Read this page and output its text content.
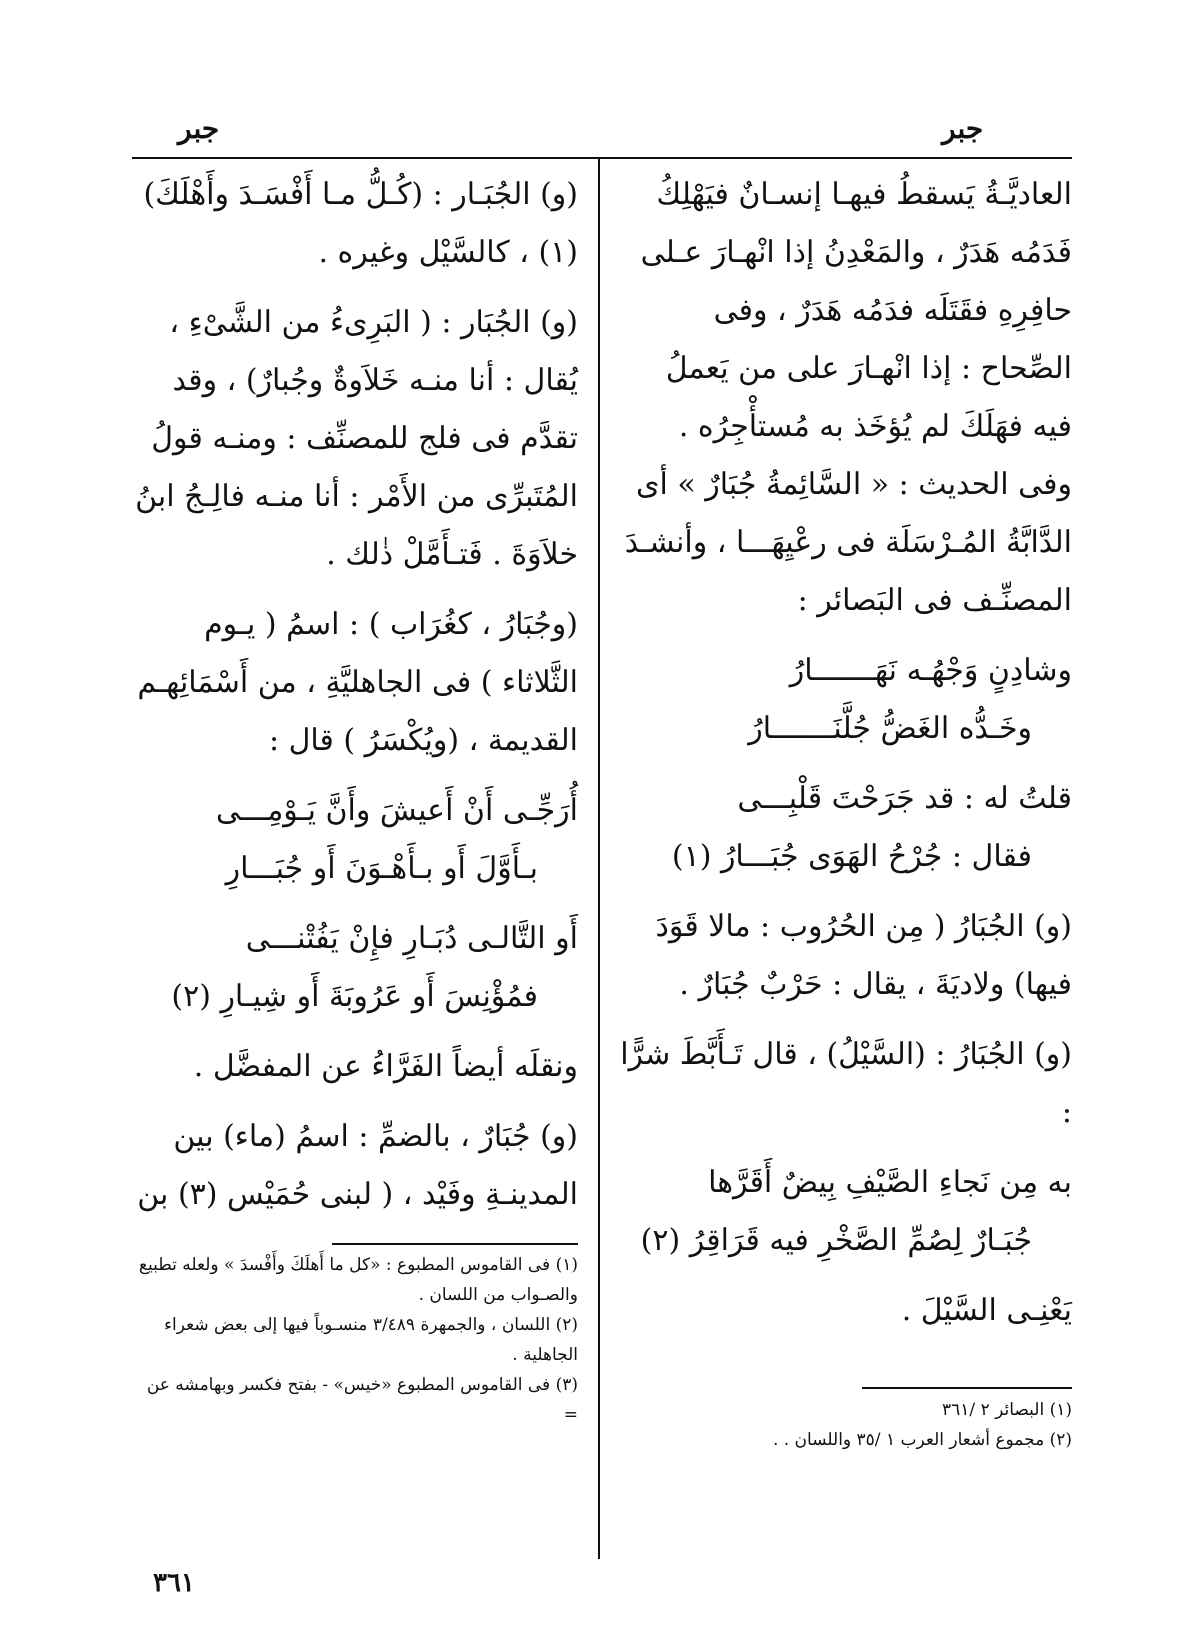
جبر
جبر

العاديَّـةُ يَسقطُ فيهـا إنسـانٌ فيَهْلِكُ فَدَمُه هَدَرٌ ، والمَعْدِنُ إذا انْهـارَ عـلى حافِرِهِ فقَتَلَه فدَمُه هَدَرٌ ، وفى الصِّحاح : إذا انْهـارَ على من يَعملُ فيه فهَلَكَ لم يُؤخَذ به مُستأْجِرُه . وفى الحديث : « السَّائِمةُ جُبَارٌ » أى الدَّابَّةُ المُـرْسَلَة فى رعْيِهَـــا ، وأنشـدَ المصنِّـف فى البَصائر :

وشادِنٍ وَجْهُـه نَهَـــــــارُ
وخَـدُّه الغَضُّ جُلَّنَـــــــارُ
قلتُ له : قد جَرَحْتَ قَلْبِـــى
فقال : جُرْحُ الهَوَى جُبَـــارُ (١)

(و) الجُبَارُ ( مِن الحُرُوب : مالا قَوَدَ فيها) ولاديَةَ ، يقال : حَرْبٌ جُبَارٌ .

(و) الجُبَارُ : (السَّيْلُ) ، قال تَـأَبَّطَ شرًّا :

به مِن نَجاءِ الصَّيْفِ بِيضٌ أَقَرَّها
جُبَـارٌ لِصُمِّ الصَّخْرِ فيه قَرَاقِرُ (٢)

يَعْنِـى السَّيْلَ .

(١) البصائر ٢ /٣٦١

(٢) مجموع أشعار العرب ١ /٣٥ واللسان . .

(و) الجُبَـار : (كُـلُّ مـا أَفْسَـدَ وأَهْلَكَ)(١) ، كالسَّيْل وغيره .

(و) الجُبَار : ( البَرِىءُ من الشَّىْءِ ، يُقال : أنا منـه خَلاَوةٌ وجُبارٌ) ، وقد تقدَّم فى فلج للمصنِّف : ومنـه قولُ المُتَبرِّى من الأَمْر : أنا منـه فالِـجُ ابنُ خلاَوَةَ . فَتـأَمَّلْ ذٰلك .

(وجُبَارُ ، كغُرَاب ) : اسمُ ( يـوم الثَّلاثاء ) فى الجاهليَّةِ ، من أَسْمَائِهـم القديمة ، (ويُكْسَرُ ) قال :

أُرَجِّـى أَنْ أَعيشَ وأَنَّ يَـوْمِـــى
بـأَوَّلَ أَو بـأَهْـوَنَ أَو جُبَـــارِ
أَو التَّالـى دُبَـارِ فإِنْ يَفُتْنـــى
فمُؤْنِسَ أَو عَرُوبَةَ أَو شِيـارِ (٢)

ونقلَه أيضاً الفَرَّاءُ عن المفضَّل .

(و) جُبَارٌ ، بالضمِّ : اسمُ (ماء) بين المدينـةِ وفَيْد ، ( لبنى حُمَيْس (٣) بن

(١) فى القاموس المطبوع : «كل ما أَهلَكَ وأَفْسدَ » ولعله تطبيع والصـواب من اللسان .

(٢) اللسان ، والجمهرة ٣/٤٨٩ منسـوباً فيها إلى بعض شعراء الجاهلية .

(٣) فى القاموس المطبوع «خيس» - بفتح فكسر وبهامشه عن =

٣٦١
